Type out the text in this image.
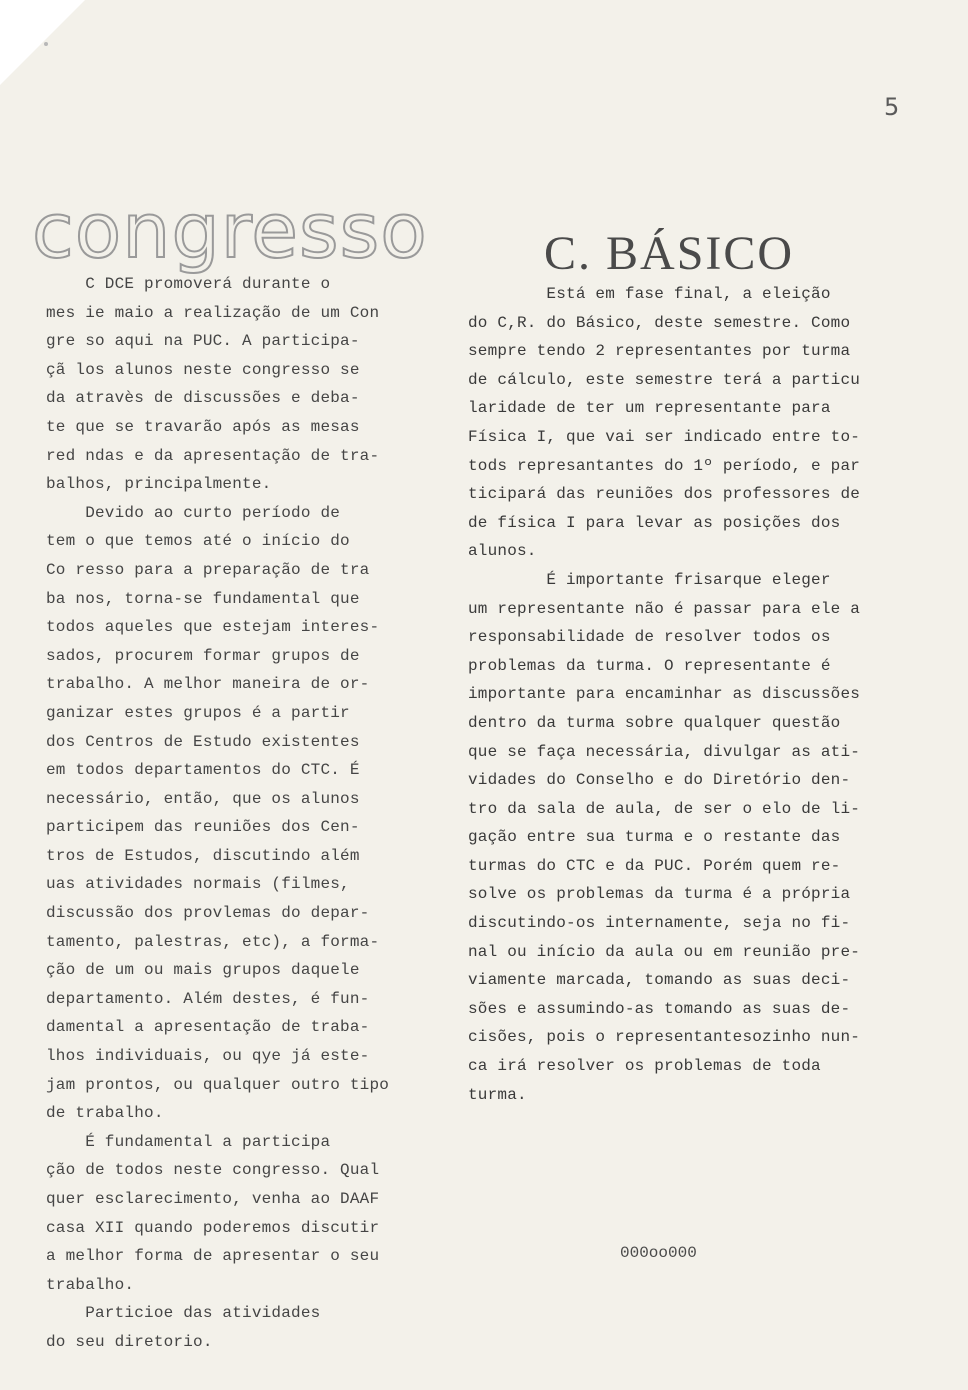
5
congresso

C DCE promoverá durante o
mes ie maio a realização de um Con
gre so aqui na PUC. A participa-
çã los alunos neste congresso se
da atravès de discussões e deba-
te que se travarão após as mesas
red ndas e da apresentação de tra-
balhos, principalmente.
Devido ao curto período de
tem o que temos até o início do
Co resso para a preparação de tra
ba nos, torna-se fundamental que
todos aqueles que estejam interes-
sados, procurem formar grupos de
trabalho. A melhor maneira de or-
ganizar estes grupos é a partir
dos Centros de Estudo existentes
em todos departamentos do CTC. É
necessário, então, que os alunos
participem das reuniões dos Cen-
tros de Estudos, discutindo além
uas atividades normais (filmes,
discussão dos provlemas do depar-
tamento, palestras, etc), a forma-
ção de um ou mais grupos daquele
departamento. Além destes, é fun-
damental a apresentação de traba-
lhos individuais, ou qye já este-
jam prontos, ou qualquer outro tipo
de trabalho.
É fundamental a participa
ção de todos neste congresso. Qual
quer esclarecimento, venha ao DAAF
casa XII quando poderemos discutir
a melhor forma de apresentar o seu
trabalho.
Particioe das atividades
do seu diretorio.

C. BÁSICO

Está em fase final, a eleição
do C,R. do Básico, deste semestre. Como
sempre tendo 2 representantes por turma
de cálculo, este semestre terá a particu
laridade de ter um representante para
Física I, que vai ser indicado entre to-
tods represantantes do 1º período, e par
ticipará das reuniões dos professores de
de física I para levar as posições dos
alunos.
É importante frisarque eleger
um representante não é passar para ele a
responsabilidade de resolver todos os
problemas da turma. O representante é
importante para encaminhar as discussões
dentro da turma sobre qualquer questão
que se faça necessária, divulgar as ati-
vidades do Conselho e do Diretório den-
tro da sala de aula, de ser o elo de li-
gação entre sua turma e o restante das
turmas do CTC e da PUC. Porém quem re-
solve os problemas da turma é a própria
discutindo-os internamente, seja no fi-
nal ou início da aula ou em reunião pre-
viamente marcada, tomando as suas deci-
sões e assumindo-as tomando as suas de-
cisões, pois o representantesozinho nun-
ca irá resolver os problemas de toda
turma.

000oo000
